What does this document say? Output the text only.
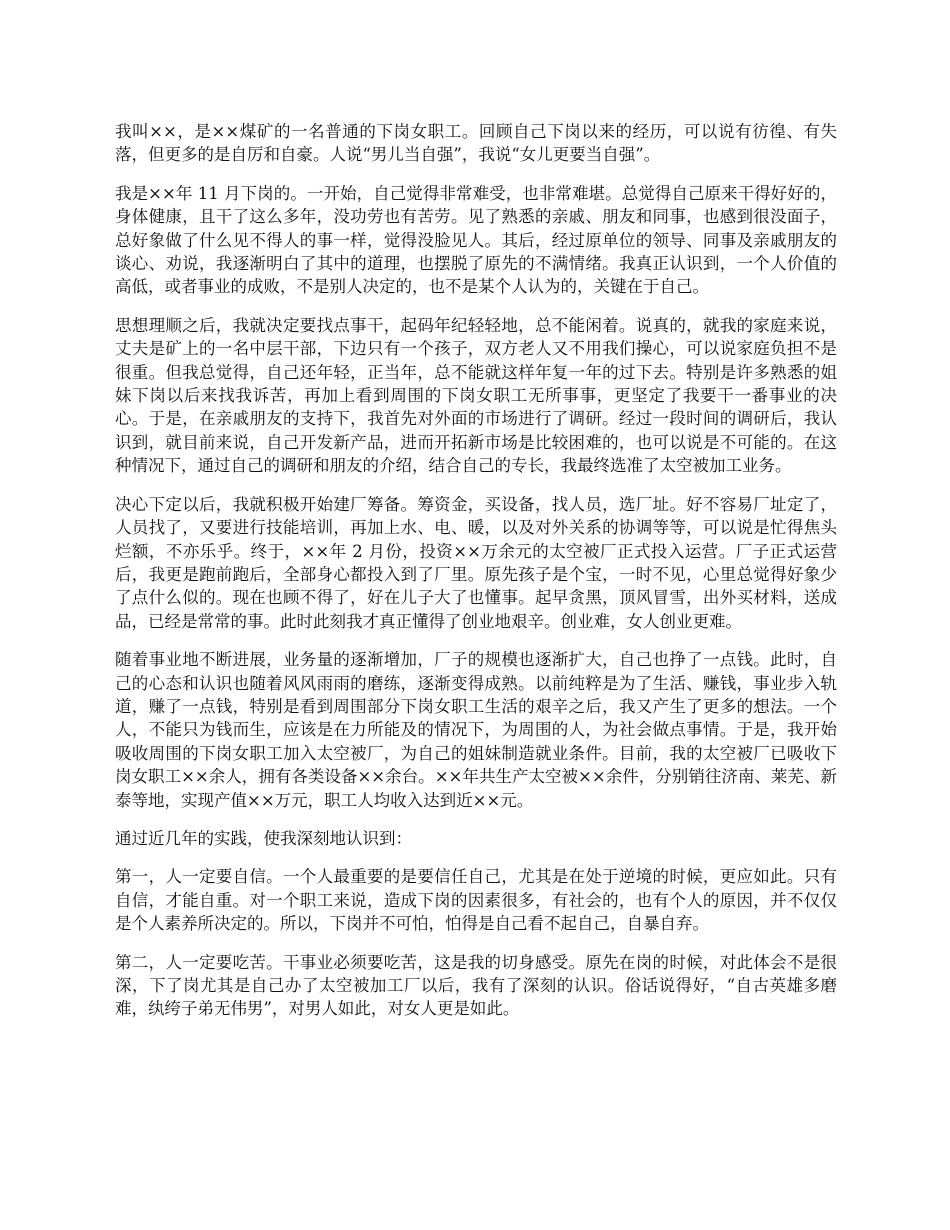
我叫××，是××煤矿的一名普通的下岗女职工。回顾自己下岗以来的经历，可以说有彷徨、有失落，但更多的是自厉和自豪。人说“男儿当自强”，我说“女儿更要当自强”。

我是××年 11 月下岗的。一开始，自己觉得非常难受，也非常难堪。总觉得自己原来干得好好的，身体健康，且干了这么多年，没功劳也有苦劳。见了熟悉的亲戚、朋友和同事，也感到很没面子，总好象做了什么见不得人的事一样，觉得没脸见人。其后，经过原单位的领导、同事及亲戚朋友的谈心、劝说，我逐渐明白了其中的道理，也摆脱了原先的不满情绪。我真正认识到，一个人价值的高低，或者事业的成败，不是别人决定的，也不是某个人认为的，关键在于自己。

思想理顺之后，我就决定要找点事干，起码年纪轻轻地，总不能闲着。说真的，就我的家庭来说，丈夫是矿上的一名中层干部，下边只有一个孩子，双方老人又不用我们操心，可以说家庭负担不是很重。但我总觉得，自己还年轻，正当年，总不能就这样年复一年的过下去。特别是许多熟悉的姐妹下岗以后来找我诉苦，再加上看到周围的下岗女职工无所事事，更坚定了我要干一番事业的决心。于是，在亲戚朋友的支持下，我首先对外面的市场进行了调研。经过一段时间的调研后，我认识到，就目前来说，自己开发新产品，进而开拓新市场是比较困难的，也可以说是不可能的。在这种情况下，通过自己的调研和朋友的介绍，结合自己的专长，我最终选准了太空被加工业务。

决心下定以后，我就积极开始建厂筹备。筹资金，买设备，找人员，选厂址。好不容易厂址定了，人员找了，又要进行技能培训，再加上水、电、暖，以及对外关系的协调等等，可以说是忙得焦头烂额，不亦乐乎。终于，××年 2 月份，投资××万余元的太空被厂正式投入运营。厂子正式运营后，我更是跑前跑后，全部身心都投入到了厂里。原先孩子是个宝，一时不见，心里总觉得好象少了点什么似的。现在也顾不得了，好在儿子大了也懂事。起早贪黑，顶风冒雪，出外买材料，送成品，已经是常常的事。此时此刻我才真正懂得了创业地艰辛。创业难，女人创业更难。

随着事业地不断进展，业务量的逐渐增加，厂子的规模也逐渐扩大，自己也挣了一点钱。此时，自己的心态和认识也随着风风雨雨的磨练，逐渐变得成熟。以前纯粹是为了生活、赚钱，事业步入轨道，赚了一点钱，特别是看到周围部分下岗女职工生活的艰辛之后，我又产生了更多的想法。一个人，不能只为钱而生，应该是在力所能及的情况下，为周围的人，为社会做点事情。于是，我开始吸收周围的下岗女职工加入太空被厂，为自己的姐妹制造就业条件。目前，我的太空被厂已吸收下岗女职工××余人，拥有各类设备××余台。××年共生产太空被××余件，分别销往济南、莱芜、新泰等地，实现产值××万元，职工人均收入达到近××元。

通过近几年的实践，使我深刻地认识到：

第一，人一定要自信。一个人最重要的是要信任自己，尤其是在处于逆境的时候，更应如此。只有自信，才能自重。对一个职工来说，造成下岗的因素很多，有社会的，也有个人的原因，并不仅仅是个人素养所决定的。所以，下岗并不可怕，怕得是自己看不起自己，自暴自弃。

第二，人一定要吃苦。干事业必须要吃苦，这是我的切身感受。原先在岗的时候，对此体会不是很深，下了岗尤其是自己办了太空被加工厂以后，我有了深刻的认识。俗话说得好，“自古英雄多磨难，纨绔子弟无伟男”，对男人如此，对女人更是如此。
